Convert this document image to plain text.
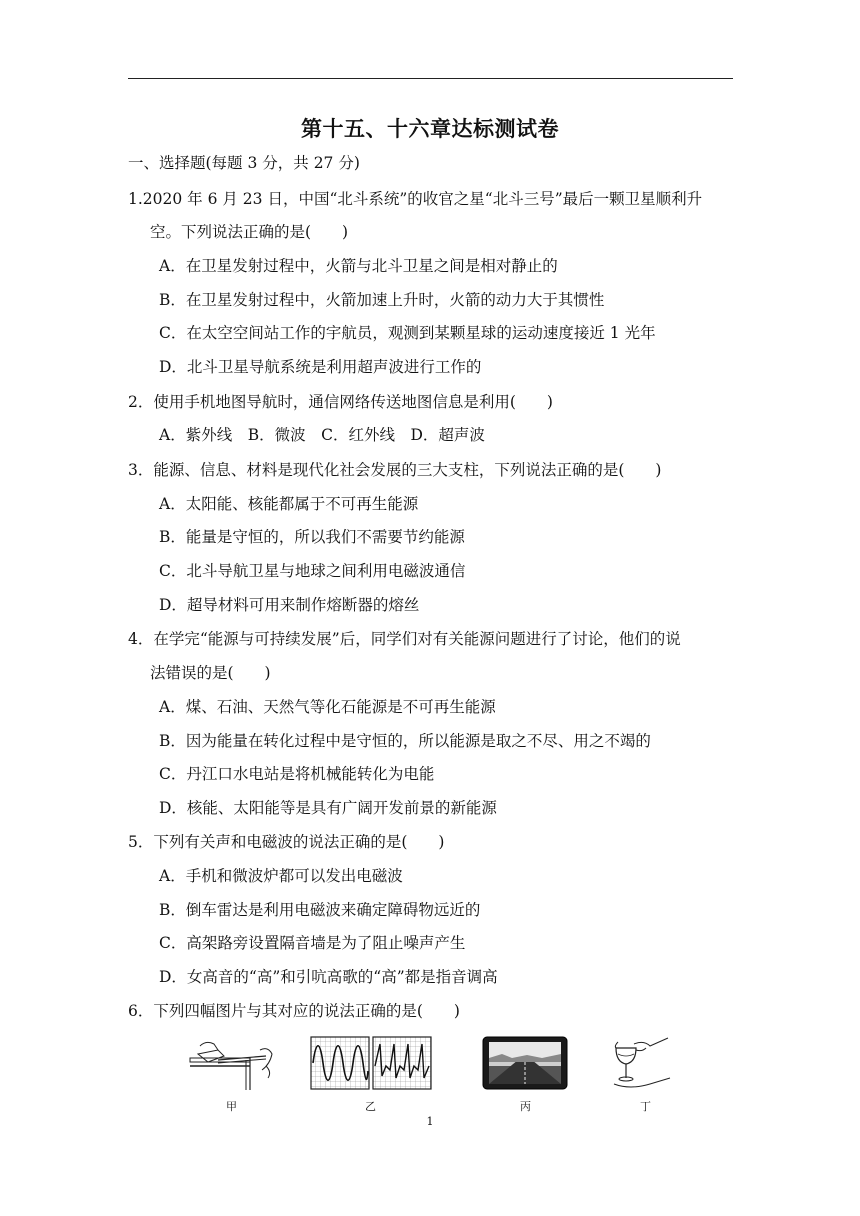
第十五、十六章达标测试卷
一、选择题(每题 3 分，共 27 分)
1.2020 年 6 月 23 日，中国“北斗系统”的收官之星“北斗三号”最后一颗卫星顺利升
空。下列说法正确的是(　　)
A．在卫星发射过程中，火箭与北斗卫星之间是相对静止的
B．在卫星发射过程中，火箭加速上升时，火箭的动力大于其惯性
C．在太空空间站工作的宇航员，观测到某颗星球的运动速度接近 1 光年
D．北斗卫星导航系统是利用超声波进行工作的
2．使用手机地图导航时，通信网络传送地图信息是利用(　　)
A．紫外线　B．微波　C．红外线　D．超声波
3．能源、信息、材料是现代化社会发展的三大支柱，下列说法正确的是(　　)
A．太阳能、核能都属于不可再生能源
B．能量是守恒的，所以我们不需要节约能源
C．北斗导航卫星与地球之间利用电磁波通信
D．超导材料可用来制作熔断器的熔丝
4．在学完“能源与可持续发展”后，同学们对有关能源问题进行了讨论，他们的说
法错误的是(　　)
A．煤、石油、天然气等化石能源是不可再生能源
B．因为能量在转化过程中是守恒的，所以能源是取之不尽、用之不竭的
C．丹江口水电站是将机械能转化为电能
D．核能、太阳能等是具有广阔开发前景的新能源
5．下列有关声和电磁波的说法正确的是(　　)
A．手机和微波炉都可以发出电磁波
B．倒车雷达是利用电磁波来确定障碍物远近的
C．高架路旁设置隔音墙是为了阻止噪声产生
D．女高音的“高”和引吭高歌的“高”都是指音调高
6．下列四幅图片与其对应的说法正确的是(　　)
甲	乙	丙	丁
1
